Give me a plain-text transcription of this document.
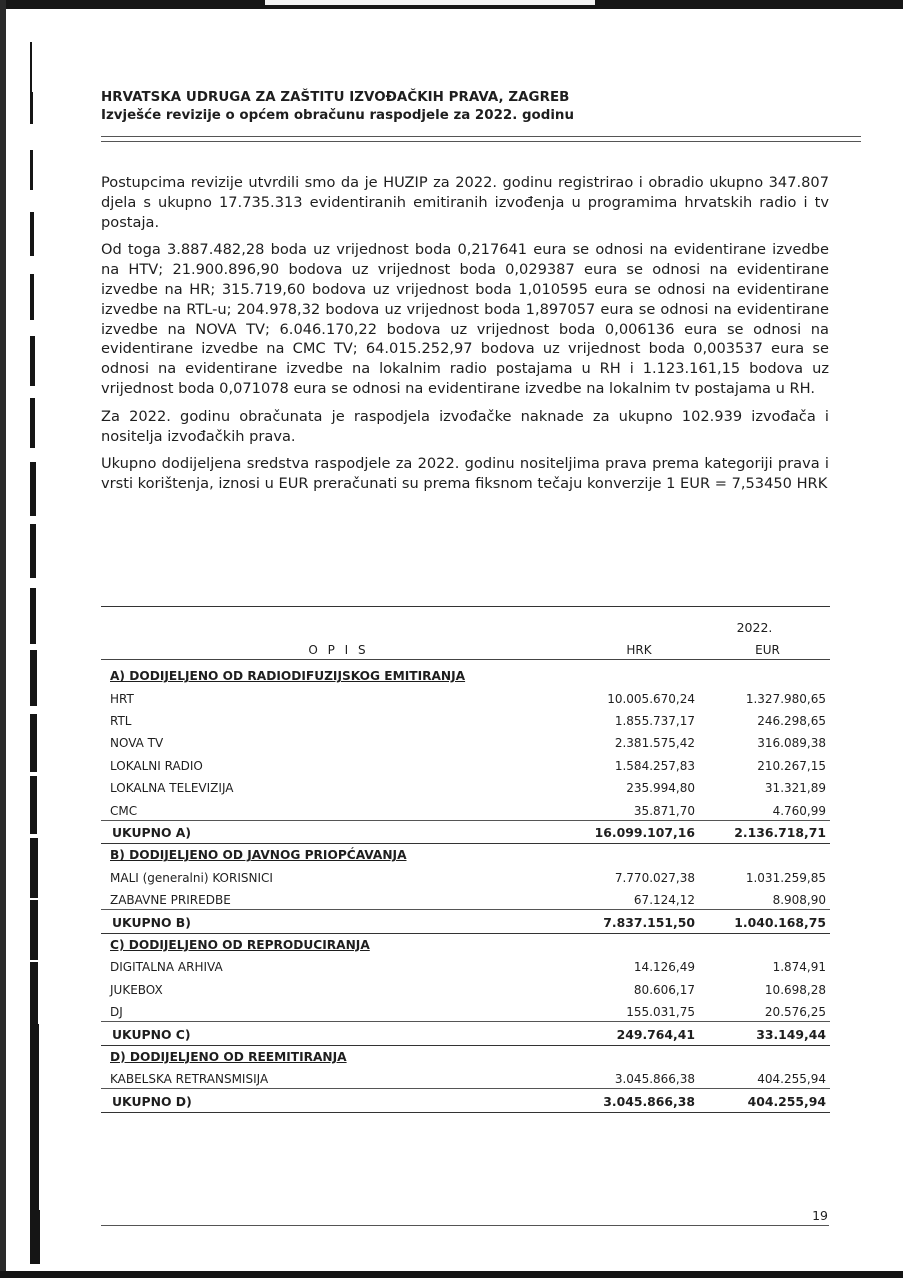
HRVATSKA UDRUGA ZA ZAŠTITU IZVOĐAČKIH PRAVA, ZAGREB
Izvješće revizije o općem obračunu raspodjele za 2022. godinu

Postupcima revizije utvrdili smo da je HUZIP za 2022. godinu registrirao i obradio ukupno 347.807 djela s ukupno 17.735.313 evidentiranih emitiranih izvođenja u programima hrvatskih radio i tv postaja.

Od toga 3.887.482,28 boda uz vrijednost boda 0,217641 eura se odnosi na evidentirane izvedbe na HTV; 21.900.896,90 bodova uz vrijednost boda 0,029387 eura se odnosi na evidentirane izvedbe na HR; 315.719,60 bodova uz vrijednost boda 1,010595 eura se odnosi na evidentirane izvedbe na RTL-u; 204.978,32 bodova uz vrijednost boda 1,897057 eura se odnosi na evidentirane izvedbe na NOVA TV; 6.046.170,22 bodova uz vrijednost boda 0,006136 eura se odnosi na evidentirane izvedbe na CMC TV; 64.015.252,97 bodova uz vrijednost boda 0,003537 eura se odnosi na evidentirane izvedbe na lokalnim radio postajama u RH i 1.123.161,15 bodova uz vrijednost boda 0,071078 eura se odnosi na evidentirane izvedbe na lokalnim tv postajama u RH.

Za 2022. godinu obračunata je raspodjela izvođačke naknade za ukupno 102.939 izvođača i nositelja izvođačkih prava.

Ukupno dodijeljena sredstva raspodjele za 2022. godinu nositeljima prava prema kategoriji prava i vrsti korištenja, iznosi u EUR preračunati su prema fiksnom tečaju konverzije 1 EUR = 7,53450 HRK

2022.
O P I S	HRK	EUR
A) DODIJELJENO OD RADIODIFUZIJSKOG EMITIRANJA
HRT	10.005.670,24	1.327.980,65
RTL	1.855.737,17	246.298,65
NOVA TV	2.381.575,42	316.089,38
LOKALNI RADIO	1.584.257,83	210.267,15
LOKALNA TELEVIZIJA	235.994,80	31.321,89
CMC	35.871,70	4.760,99
UKUPNO A)	16.099.107,16	2.136.718,71
B) DODIJELJENO OD JAVNOG PRIOPĆAVANJA
MALI (generalni) KORISNICI	7.770.027,38	1.031.259,85
ZABAVNE PRIREDBE	67.124,12	8.908,90
UKUPNO B)	7.837.151,50	1.040.168,75
C) DODIJELJENO OD REPRODUCIRANJA
DIGITALNA ARHIVA	14.126,49	1.874,91
JUKEBOX	80.606,17	10.698,28
DJ	155.031,75	20.576,25
UKUPNO C)	249.764,41	33.149,44
D) DODIJELJENO OD REEMITIRANJA
KABELSKA RETRANSMISIJA	3.045.866,38	404.255,94
UKUPNO D)	3.045.866,38	404.255,94
19
